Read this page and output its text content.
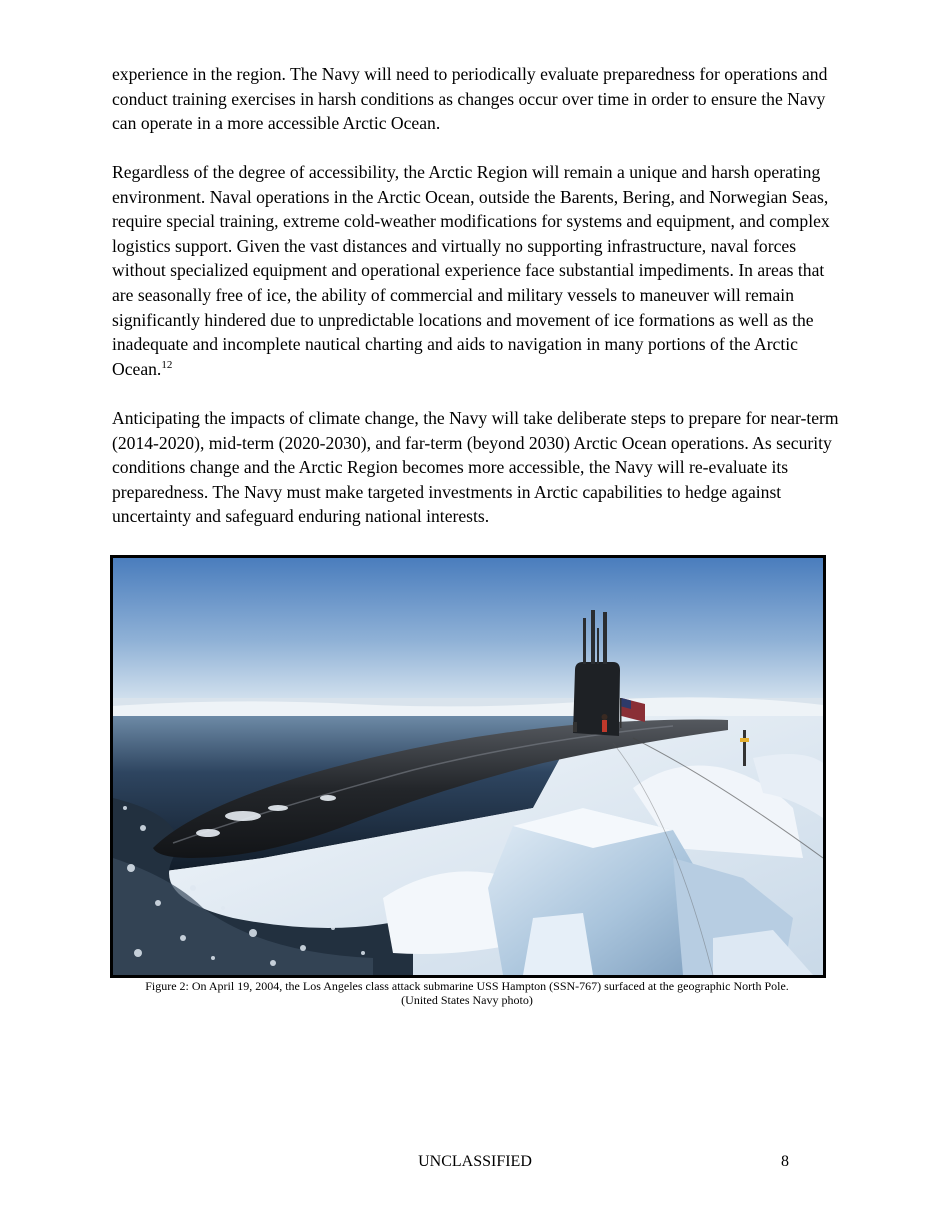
experience in the region. The Navy will need to periodically evaluate preparedness for operations and conduct training exercises in harsh conditions as changes occur over time in order to ensure the Navy can operate in a more accessible Arctic Ocean.

Regardless of the degree of accessibility, the Arctic Region will remain a unique and harsh operating environment. Naval operations in the Arctic Ocean, outside the Barents, Bering, and Norwegian Seas, require special training, extreme cold-weather modifications for systems and equipment, and complex logistics support. Given the vast distances and virtually no supporting infrastructure, naval forces without specialized equipment and operational experience face substantial impediments. In areas that are seasonally free of ice, the ability of commercial and military vessels to maneuver will remain significantly hindered due to unpredictable locations and movement of ice formations as well as the inadequate and incomplete nautical charting and aids to navigation in many portions of the Arctic Ocean.$^{12}$

Anticipating the impacts of climate change, the Navy will take deliberate steps to prepare for near-term (2014-2020), mid-term (2020-2030), and far-term (beyond 2030) Arctic Ocean operations. As security conditions change and the Arctic Region becomes more accessible, the Navy will re-evaluate its preparedness. The Navy must make targeted investments in Arctic capabilities to hedge against uncertainty and safeguard enduring national interests.

Figure 2: On April 19, 2004, the Los Angeles class attack submarine USS Hampton (SSN-767) surfaced at the geographic North Pole.
(United States Navy photo)
UNCLASSIFIED	8
